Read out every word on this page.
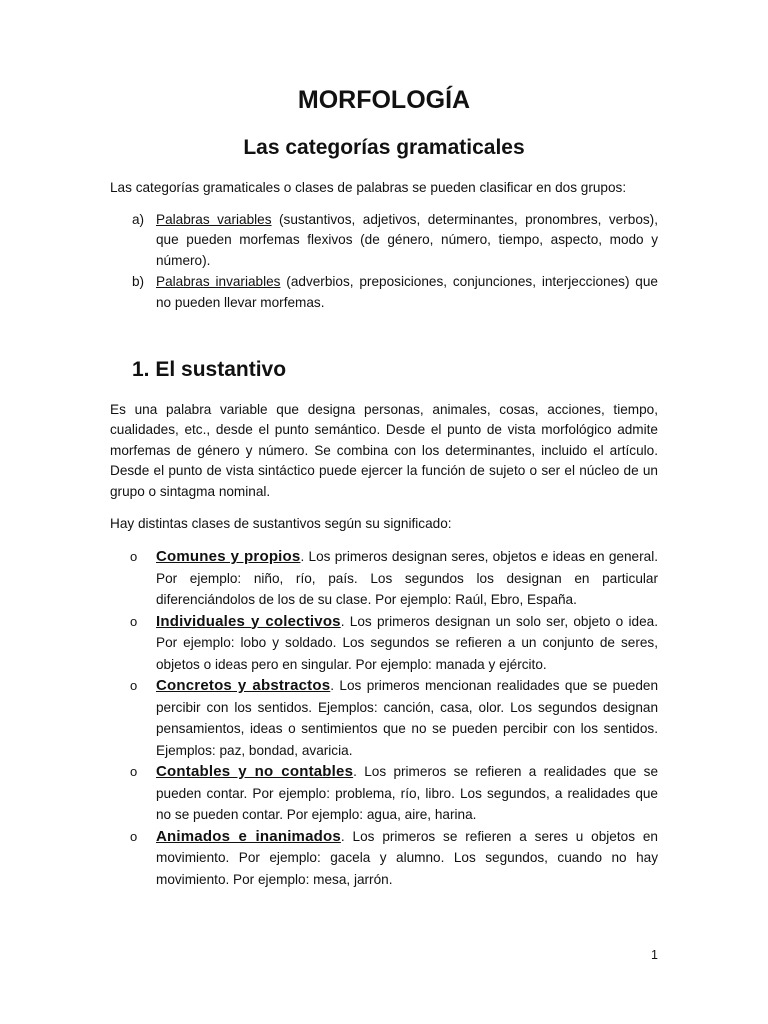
MORFOLOGÍA
Las categorías gramaticales

Las categorías gramaticales o clases de palabras se pueden clasificar en dos grupos:

a) Palabras variables (sustantivos, adjetivos, determinantes, pronombres, verbos), que pueden morfemas flexivos (de género, número, tiempo, aspecto, modo y número).
b) Palabras invariables (adverbios, preposiciones, conjunciones, interjecciones) que no pueden llevar morfemas.
1. El sustantivo

Es una palabra variable que designa personas, animales, cosas, acciones, tiempo, cualidades, etc., desde el punto semántico. Desde el punto de vista morfológico admite morfemas de género y número. Se combina con los determinantes, incluido el artículo. Desde el punto de vista sintáctico puede ejercer la función de sujeto o ser el núcleo de un grupo o sintagma nominal.

Hay distintas clases de sustantivos según su significado:

o Comunes y propios. Los primeros designan seres, objetos e ideas en general. Por ejemplo: niño, río, país. Los segundos los designan en particular diferenciándolos de los de su clase. Por ejemplo: Raúl, Ebro, España.
o Individuales y colectivos. Los primeros designan un solo ser, objeto o idea. Por ejemplo: lobo y soldado. Los segundos se refieren a un conjunto de seres, objetos o ideas pero en singular. Por ejemplo: manada y ejército.
o Concretos y abstractos. Los primeros mencionan realidades que se pueden percibir con los sentidos. Ejemplos: canción, casa, olor. Los segundos designan pensamientos, ideas o sentimientos que no se pueden percibir con los sentidos. Ejemplos: paz, bondad, avaricia.
o Contables y no contables. Los primeros se refieren a realidades que se pueden contar. Por ejemplo: problema, río, libro. Los segundos, a realidades que no se pueden contar. Por ejemplo: agua, aire, harina.
o Animados e inanimados. Los primeros se refieren a seres u objetos en movimiento. Por ejemplo: gacela y alumno. Los segundos, cuando no hay movimiento. Por ejemplo: mesa, jarrón.
1
